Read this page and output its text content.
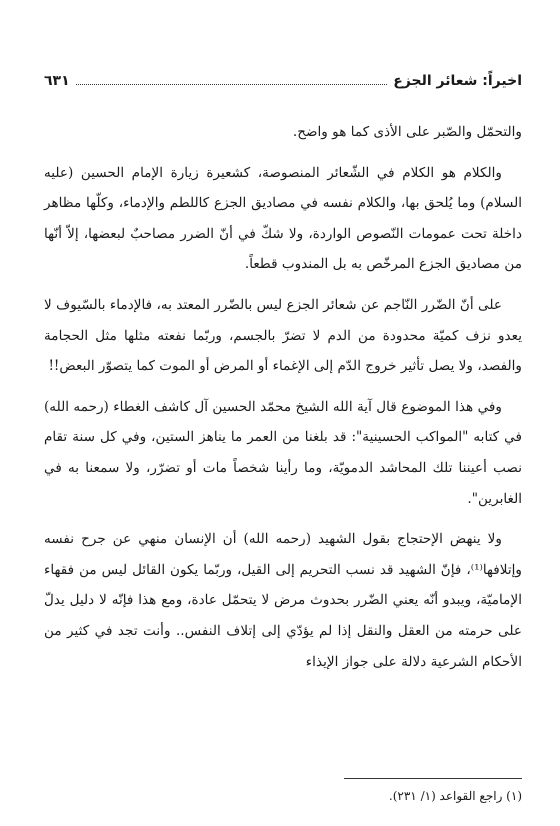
اخيراً: شعائر الجزع
٦٣١

والتحمّل والصّبر على الأذى كما هو واضح.

والكلام هو الكلام في الشّعائر المنصوصة، كشعيرة زيارة الإمام الحسين (عليه السلام) وما يُلحق بها، والكلام نفسه في مصاديق الجزع كاللطم والإدماء، وكلّها مظاهر داخلة تحت عمومات النّصوص الواردة، ولا شكّ في أنّ الضرر مصاحبٌ لبعضها، إلاّ أنّها من مصاديق الجزع المرخّص به بل المندوب قطعاً.

على أنّ الضّرر النّاجم عن شعائر الجزع ليس بالضّرر المعتد به، فالإدماء بالسّيوف لا يعدو نزف كميّة محدودة من الدم لا تضرّ بالجسم، وربّما نفعته مثلها مثل الحجامة والفصد، ولا يصل تأثير خروج الدّم إلى الإغماء أو المرض أو الموت كما يتصوّر البعض!!

وفي هذا الموضوع قال آية الله الشيخ محمّد الحسين آل كاشف الغطاء (رحمه الله) في كتابه "المواكب الحسينية": قد بلغنا من العمر ما يناهز الستين، وفي كل سنة تقام نصب أعيننا تلك المحاشد الدمويّة، وما رأينا شخصاً مات أو تضرّر، ولا سمعنا به في الغابرين".

ولا ينهض الإحتجاج بقول الشهيد (رحمه الله) أن الإنسان منهي عن جرح نفسه وإتلافها⁽¹⁾، فإنّ الشهيد قد نسب التحريم إلى القيل، وربّما يكون القائل ليس من فقهاء الإماميّة، ويبدو أنّه يعني الضّرر بحدوث مرض لا يتحمّل عادة، ومع هذا فإنّه لا دليل يدلّ على حرمته من العقل والنقل إذا لم يؤدّي إلى إتلاف النفس.. وأنت تجد في كثير من الأحكام الشرعية دلالة على جواز الإيذاء

(١) راجع القواعد (١/ ٢٣١).
